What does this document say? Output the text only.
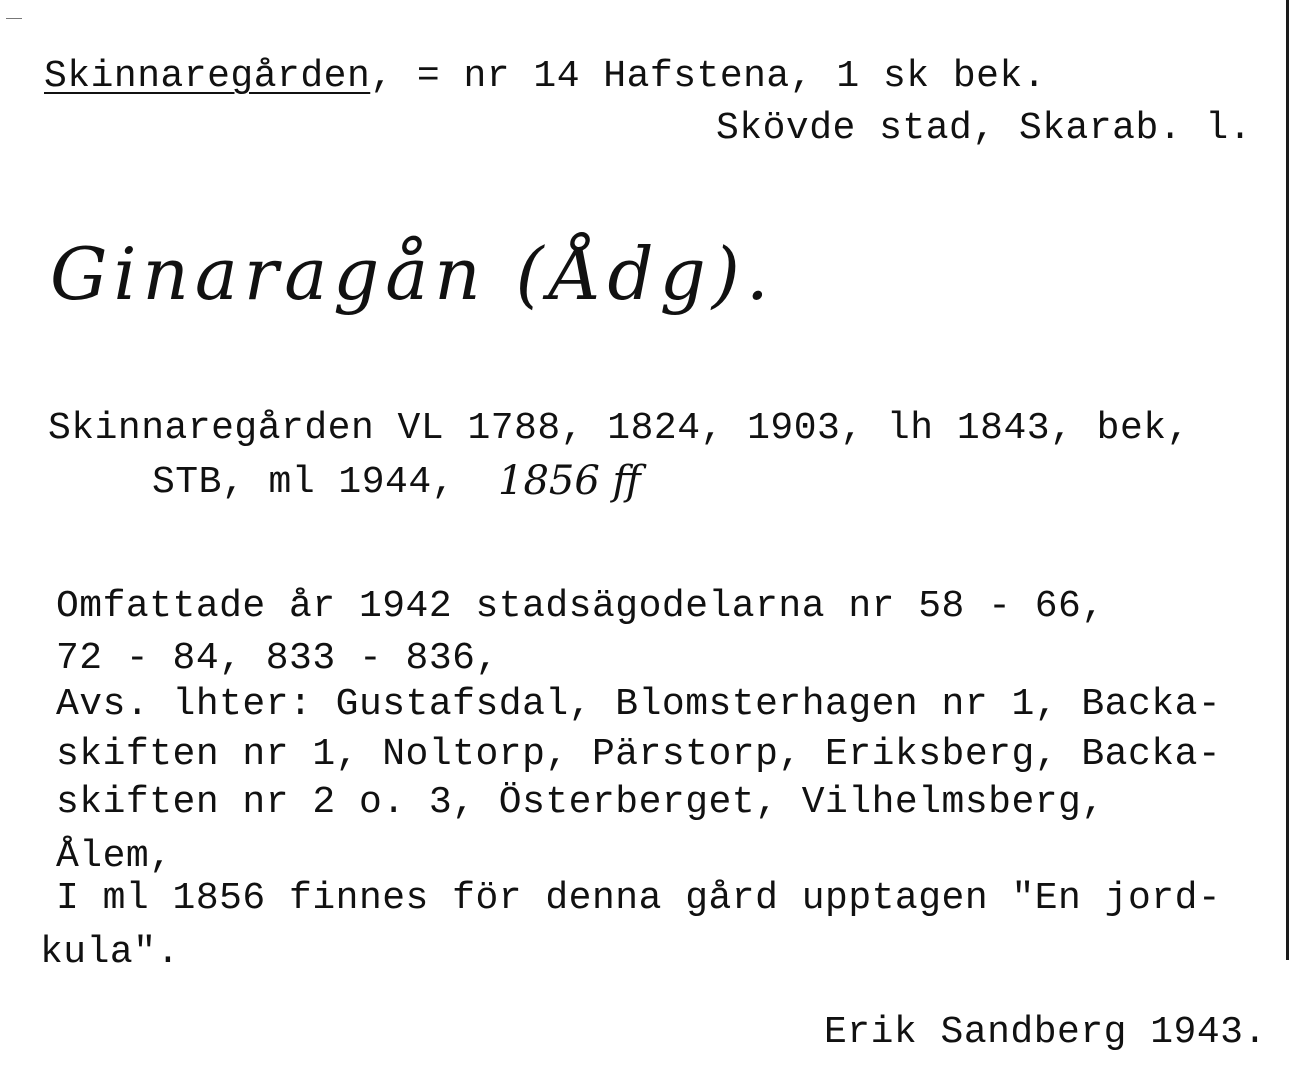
Skinnaregården, = nr 14 Hafstena, 1 sk bek.
Skövde stad, Skarab. l.
Ginaragån (Ådg).
Skinnaregården VL 1788, 1824, 1903, lh 1843, bek,
STB, ml 1944, 1856 ff
Omfattade år 1942 stadsägodelarna nr 58 - 66,
72 - 84, 833 - 836,
Avs. lhter: Gustafsdal, Blomsterhagen nr 1, Backa-
skiften nr 1, Noltorp, Pärstorp, Eriksberg, Backa-
skiften nr 2 o. 3, Österberget, Vilhelmsberg,
Ålem,
I ml 1856 finnes för denna gård upptagen "En jord-
kula".
Erik Sandberg 1943.
